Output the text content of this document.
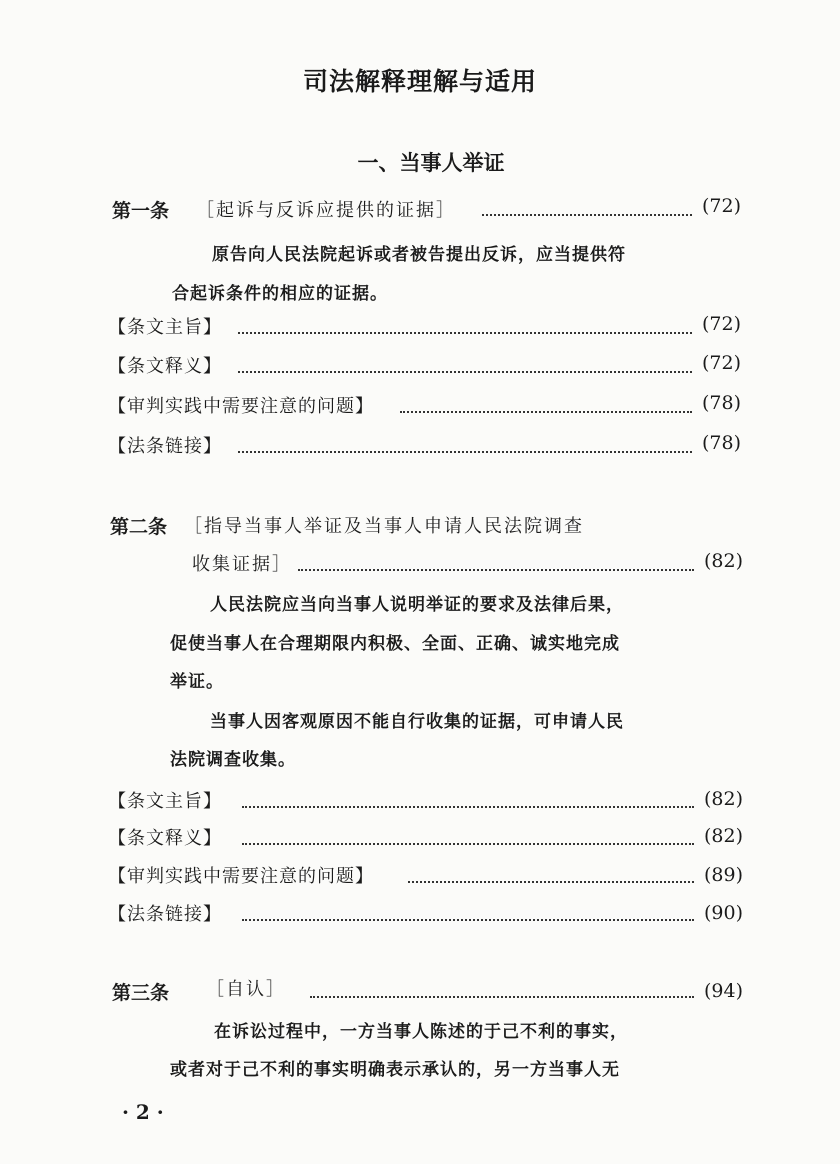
司法解释理解与适用
一、当事人举证
第一条 ［起诉与反诉应提供的证据］	(72)
原告向人民法院起诉或者被告提出反诉，应当提供符
合起诉条件的相应的证据。
【条文主旨】	(72)
【条文释义】	(72)
【审判实践中需要注意的问题】	(78)
【法条链接】	(78)
第二条 ［指导当事人举证及当事人申请人民法院调查
收集证据］	(82)
人民法院应当向当事人说明举证的要求及法律后果，
促使当事人在合理期限内积极、全面、正确、诚实地完成
举证。
当事人因客观原因不能自行收集的证据，可申请人民
法院调查收集。
【条文主旨】	(82)
【条文释义】	(82)
【审判实践中需要注意的问题】	(89)
【法条链接】	(90)
第三条 ［自认］	(94)
在诉讼过程中，一方当事人陈述的于己不利的事实，
或者对于己不利的事实明确表示承认的，另一方当事人无
· 2 ·
